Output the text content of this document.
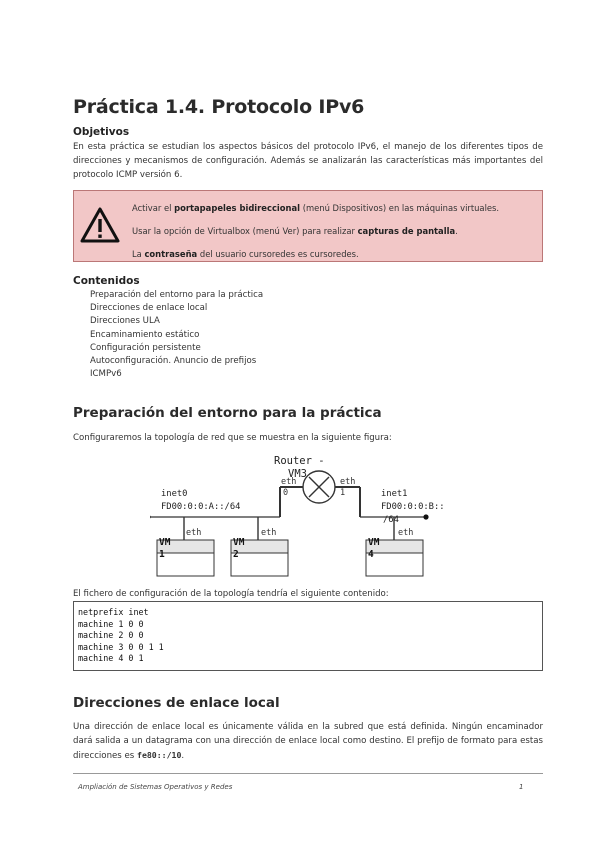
Práctica 1.4. Protocolo IPv6
Objetivos

En esta práctica se estudian los aspectos básicos del protocolo IPv6, el manejo de los diferentes tipos de direcciones y mecanismos de configuración. Además se analizarán las características más importantes del protocolo ICMP versión 6.

Activar el portapapeles bidireccional (menú Dispositivos) en las máquinas virtuales.
Usar la opción de Virtualbox (menú Ver) para realizar capturas de pantalla.
La contraseña del usuario cursoredes es cursoredes.
Contenidos
Preparación del entorno para la práctica
Direcciones de enlace local
Direcciones ULA
Encaminamiento estático
Configuración persistente
Autoconfiguración. Anuncio de prefijos
ICMPv6
Preparación del entorno para la práctica

Configuraremos la topología de red que se muestra en la siguiente figura:

Router -
VM3
eth
0
eth
1
inet0
FD00:0:0:A::/64
inet1
FD00:0:0:B::
/64
eth
VM
1
eth
VM
2
eth
VM
4

El fichero de configuración de la topología tendría el siguiente contenido:

netprefix inet
machine 1 0 0
machine 2 0 0
machine 3 0 0 1 1
machine 4 0 1
Direcciones de enlace local

Una dirección de enlace local es únicamente válida en la subred que está definida. Ningún encaminador dará salida a un datagrama con una dirección de enlace local como destino. El prefijo de formato para estas direcciones es fe80::/10.

Ampliación de Sistemas Operativos y Redes	1
